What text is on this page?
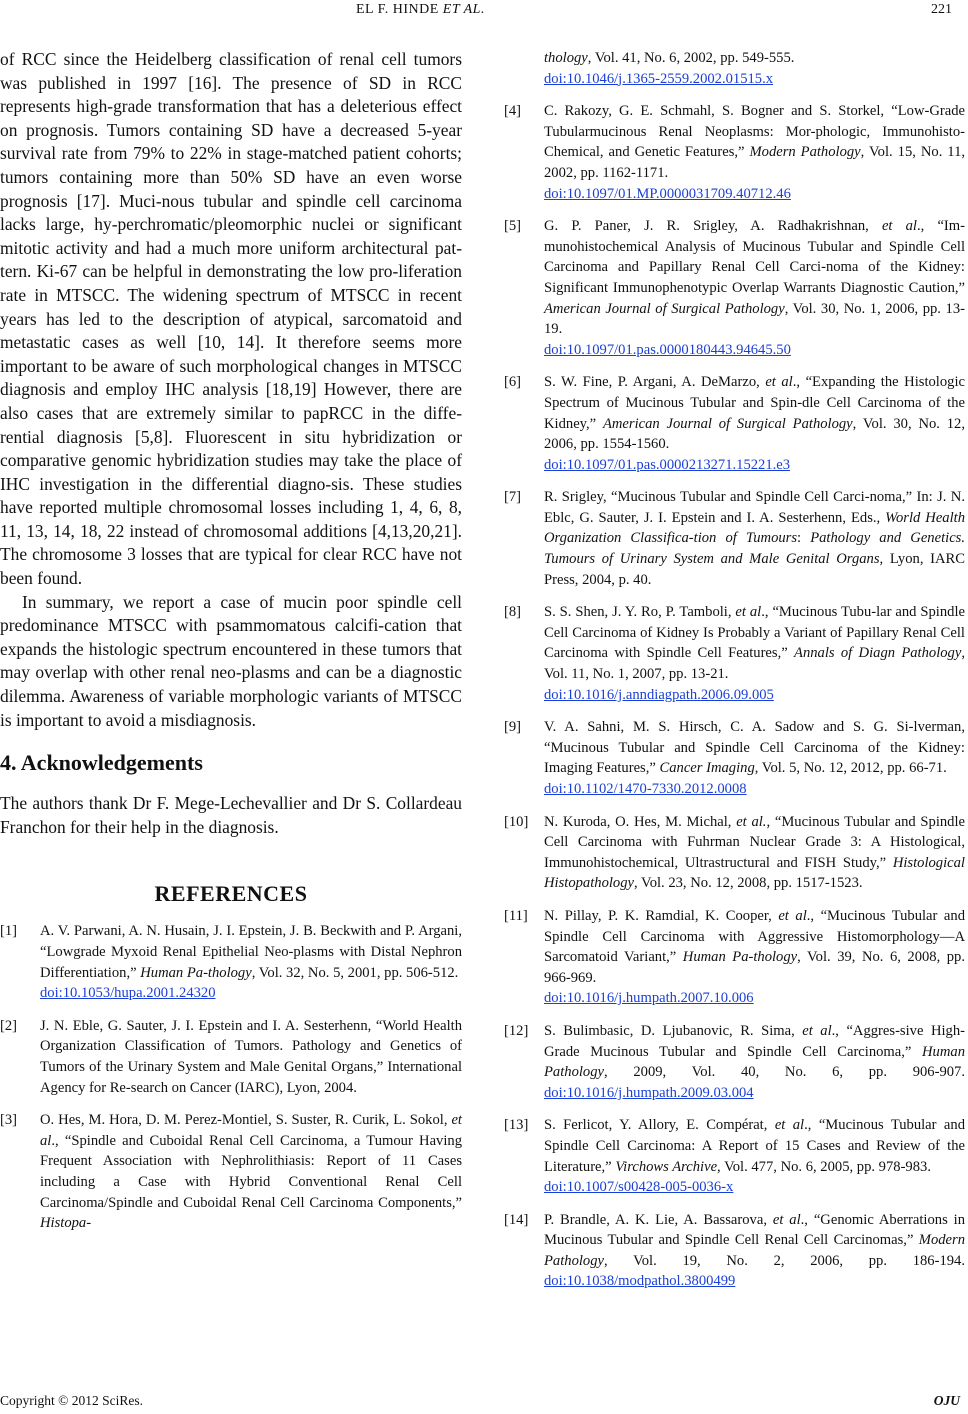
EL F. HINDE ET AL.	221

of RCC since the Heidelberg classification of renal cell tumors was published in 1997 [16]. The presence of SD in RCC represents high-grade transformation that has a deleterious effect on prognosis. Tumors containing SD have a decreased 5-year survival rate from 79% to 22% in stage-matched patient cohorts; tumors containing more than 50% SD have an even worse prognosis [17]. Muci-nous tubular and spindle cell carcinoma lacks large, hy-perchromatic/pleomorphic nuclei or significant mitotic activity and had a much more uniform architectural pat-tern. Ki-67 can be helpful in demonstrating the low pro-liferation rate in MTSCC. The widening spectrum of MTSCC in recent years has led to the description of atypical, sarcomatoid and metastatic cases as well [10, 14]. It therefore seems more important to be aware of such morphological changes in MTSCC diagnosis and employ IHC analysis [18,19] However, there are also cases that are extremely similar to papRCC in the diffe-rential diagnosis [5,8]. Fluorescent in situ hybridization or comparative genomic hybridization studies may take the place of IHC investigation in the differential diagno-sis. These studies have reported multiple chromosomal losses including 1, 4, 6, 8, 11, 13, 14, 18, 22 instead of chromosomal additions [4,13,20,21]. The chromosome 3 losses that are typical for clear RCC have not been found.

In summary, we report a case of mucin poor spindle cell predominance MTSCC with psammomatous calcifi-cation that expands the histologic spectrum encountered in these tumors that may overlap with other renal neo-plasms and can be a diagnostic dilemma. Awareness of variable morphologic variants of MTSCC is important to avoid a misdiagnosis.

4. Acknowledgements

The authors thank Dr F. Mege-Lechevallier and Dr S. Collardeau Franchon for their help in the diagnosis.

REFERENCES
[1] A. V. Parwani, A. N. Husain, J. I. Epstein, J. B. Beckwith and P. Argani, “Lowgrade Myxoid Renal Epithelial Neo-plasms with Distal Nephron Differentiation,” Human Pa-thology, Vol. 32, No. 5, 2001, pp. 506-512.
doi:10.1053/hupa.2001.24320
[2] J. N. Eble, G. Sauter, J. I. Epstein and I. A. Sesterhenn, “World Health Organization Classification of Tumors. Pathology and Genetics of Tumors of the Urinary System and Male Genital Organs,” International Agency for Re-search on Cancer (IARC), Lyon, 2004.
[3] O. Hes, M. Hora, D. M. Perez-Montiel, S. Suster, R. Curik, L. Sokol, et al., “Spindle and Cuboidal Renal Cell Carcinoma, a Tumour Having Frequent Association with Nephrolithiasis: Report of 11 Cases including a Case with Hybrid Conventional Renal Cell Carcinoma/Spindle and Cuboidal Renal Cell Carcinoma Components,” Histopa-
thology, Vol. 41, No. 6, 2002, pp. 549-555.
doi:10.1046/j.1365-2559.2002.01515.x
[4] C. Rakozy, G. E. Schmahl, S. Bogner and S. Storkel, “Low-Grade Tubularmucinous Renal Neoplasms: Mor-phologic, Immunohisto-Chemical, and Genetic Features,” Modern Pathology, Vol. 15, No. 11, 2002, pp. 1162-1171.
doi:10.1097/01.MP.0000031709.40712.46
[5] G. P. Paner, J. R. Srigley, A. Radhakrishnan, et al., “Im-munohistochemical Analysis of Mucinous Tubular and Spindle Cell Carcinoma and Papillary Renal Cell Carci-noma of the Kidney: Significant Immunophenotypic Overlap Warrants Diagnostic Caution,” American Journal of Surgical Pathology, Vol. 30, No. 1, 2006, pp. 13-19.
doi:10.1097/01.pas.0000180443.94645.50
[6] S. W. Fine, P. Argani, A. DeMarzo, et al., “Expanding the Histologic Spectrum of Mucinous Tubular and Spin-dle Cell Carcinoma of the Kidney,” American Journal of Surgical Pathology, Vol. 30, No. 12, 2006, pp. 1554-1560.
doi:10.1097/01.pas.0000213271.15221.e3
[7] R. Srigley, “Mucinous Tubular and Spindle Cell Carci-noma,” In: J. N. Eblc, G. Sauter, J. I. Epstein and I. A. Sesterhenn, Eds., World Health Organization Classifica-tion of Tumours: Pathology and Genetics. Tumours of Urinary System and Male Genital Organs, Lyon, IARC Press, 2004, p. 40.
[8] S. S. Shen, J. Y. Ro, P. Tamboli, et al., “Mucinous Tubu-lar and Spindle Cell Carcinoma of Kidney Is Probably a Variant of Papillary Renal Cell Carcinoma with Spindle Cell Features,” Annals of Diagn Pathology, Vol. 11, No. 1, 2007, pp. 13-21.
doi:10.1016/j.anndiagpath.2006.09.005
[9] V. A. Sahni, M. S. Hirsch, C. A. Sadow and S. G. Si-lverman, “Mucinous Tubular and Spindle Cell Carcinoma of the Kidney: Imaging Features,” Cancer Imaging, Vol. 5, No. 12, 2012, pp. 66-71.
doi:10.1102/1470-7330.2012.0008
[10] N. Kuroda, O. Hes, M. Michal, et al., “Mucinous Tubular and Spindle Cell Carcinoma with Fuhrman Nuclear Grade 3: A Histological, Immunohistochemical, Ultrastructural and FISH Study,” Histological Histopathology, Vol. 23, No. 12, 2008, pp. 1517-1523.
[11] N. Pillay, P. K. Ramdial, K. Cooper, et al., “Mucinous Tubular and Spindle Cell Carcinoma with Aggressive Histomorphology—A Sarcomatoid Variant,” Human Pa-thology, Vol. 39, No. 6, 2008, pp. 966-969.
doi:10.1016/j.humpath.2007.10.006
[12] S. Bulimbasic, D. Ljubanovic, R. Sima, et al., “Aggres-sive High-Grade Mucinous Tubular and Spindle Cell Carcinoma,” Human Pathology, 2009, Vol. 40, No. 6, pp. 906-907. doi:10.1016/j.humpath.2009.03.004
[13] S. Ferlicot, Y. Allory, E. Compérat, et al., “Mucinous Tubular and Spindle Cell Carcinoma: A Report of 15 Cases and Review of the Literature,” Virchows Archive, Vol. 477, No. 6, 2005, pp. 978-983.
doi:10.1007/s00428-005-0036-x
[14] P. Brandle, A. K. Lie, A. Bassarova, et al., “Genomic Aberrations in Mucinous Tubular and Spindle Cell Renal Cell Carcinomas,” Modern Pathology, Vol. 19, No. 2, 2006, pp. 186-194. doi:10.1038/modpathol.3800499
Copyright © 2012 SciRes.	OJU
